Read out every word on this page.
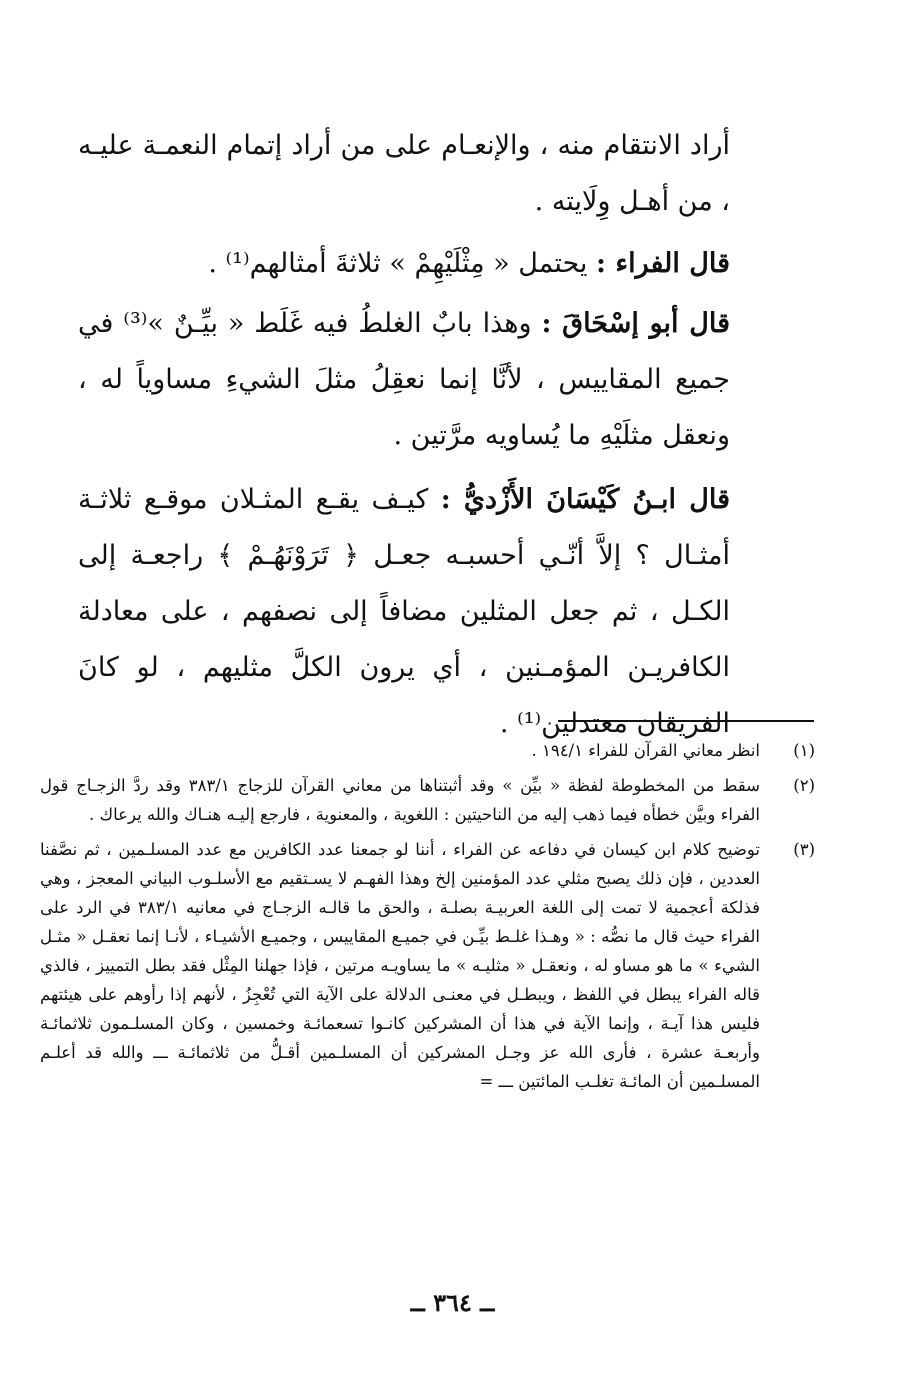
أراد الانتقام منه ، والإنعـام على من أراد إتمام النعمـة عليـه ، من أهـل وِلَايته .

قال الفراء : يحتمل « مِثْلَيْهِمْ » ثلاثةَ أمثالهم⁽¹⁾ .

قال أبو إسْحَاقَ : وهذا بابٌ الغلطُ فيه غَلَط « بيِّـنٌ »⁽³⁾ في جميع المقاييس ، لأنَّا إنما نعقِلُ مثلَ الشيءِ مساوياً له ، ونعقل مثلَيْهِ ما يُساويه مرَّتين .

قال ابـنُ كَيْسَانَ الأَزْديُّ : كيـف يقـع المثـلان موقـع ثلاثـة أمثـال ؟ إلاَّ أنّـي أحسبـه جعـل ﴿ تَرَوْنَهُـمْ ﴾ راجعـة إلى الكـل ، ثم جعل المثلين مضافاً إلى نصفهم ، على معادلة الكافريـن المؤمـنين ، أي يرون الكلَّ مثليهم ، لو كانَ الفريقان معتدلين⁽¹⁾ .

(١)
انظر معاني القرآن للفراء ١٩٤/١ .
(٢)
سقط من المخطوطة لفظة « بيِّن » وقد أثبتناها من معاني القرآن للزجاج ٣٨٣/١ وقد ردَّ الزجـاج قول الفراء وبيَّن خطأه فيما ذهب إليه من الناحيتين : اللغوية ، والمعنوية ، فارجع إليـه هنـاك والله يرعاك .
(٣)
توضيح كلام ابن كيسان في دفاعه عن الفراء ، أننا لو جمعنا عدد الكافرين مع عدد المسلـمين ، ثم نصَّفنا العددين ، فإن ذلك يصبح مثلي عدد المؤمنين إلخ وهذا الفهـم لا يسـتقيم مع الأسلـوب البياني المعجز ، وهي فذلكة أعجمية لا تمت إلى اللغة العربيـة بصلـة ، والحق ما قالـه الزجـاج في معانيه ٣٨٣/١ في الرد على الفراء حيث قال ما نصُّه : « وهـذا غلـط بيِّـن في جميـع المقاييس ، وجميـع الأشيـاء ، لأنـا إنما نعقـل « مثـل الشيء » ما هو مساو له ، ونعقـل « مثليـه » ما يساويـه مرتين ، فإذا جهلنا المِثْل فقد بطل التمييز ، فالذي قاله الفراء يبطل في اللفظ ، ويبطـل في معنـى الدلالة على الآية التي تُعْجِزُ ، لأنهم إذا رأوهم على هيئتهم فليس هذا آيـة ، وإنما الآية في هذا أن المشركين كانـوا تسعمائـة وخمسين ، وكان المسلـمون ثلاثمائـة وأربعـة عشرة ، فأرى الله عز وجـل المشركين أن المسلـمين أقـلُّ من ثلاثمائـة ـــ والله قد أعلـم المسلـمين أن المائـة تغلـب المائتين ـــ =
ــ ٣٦٤ ــ
